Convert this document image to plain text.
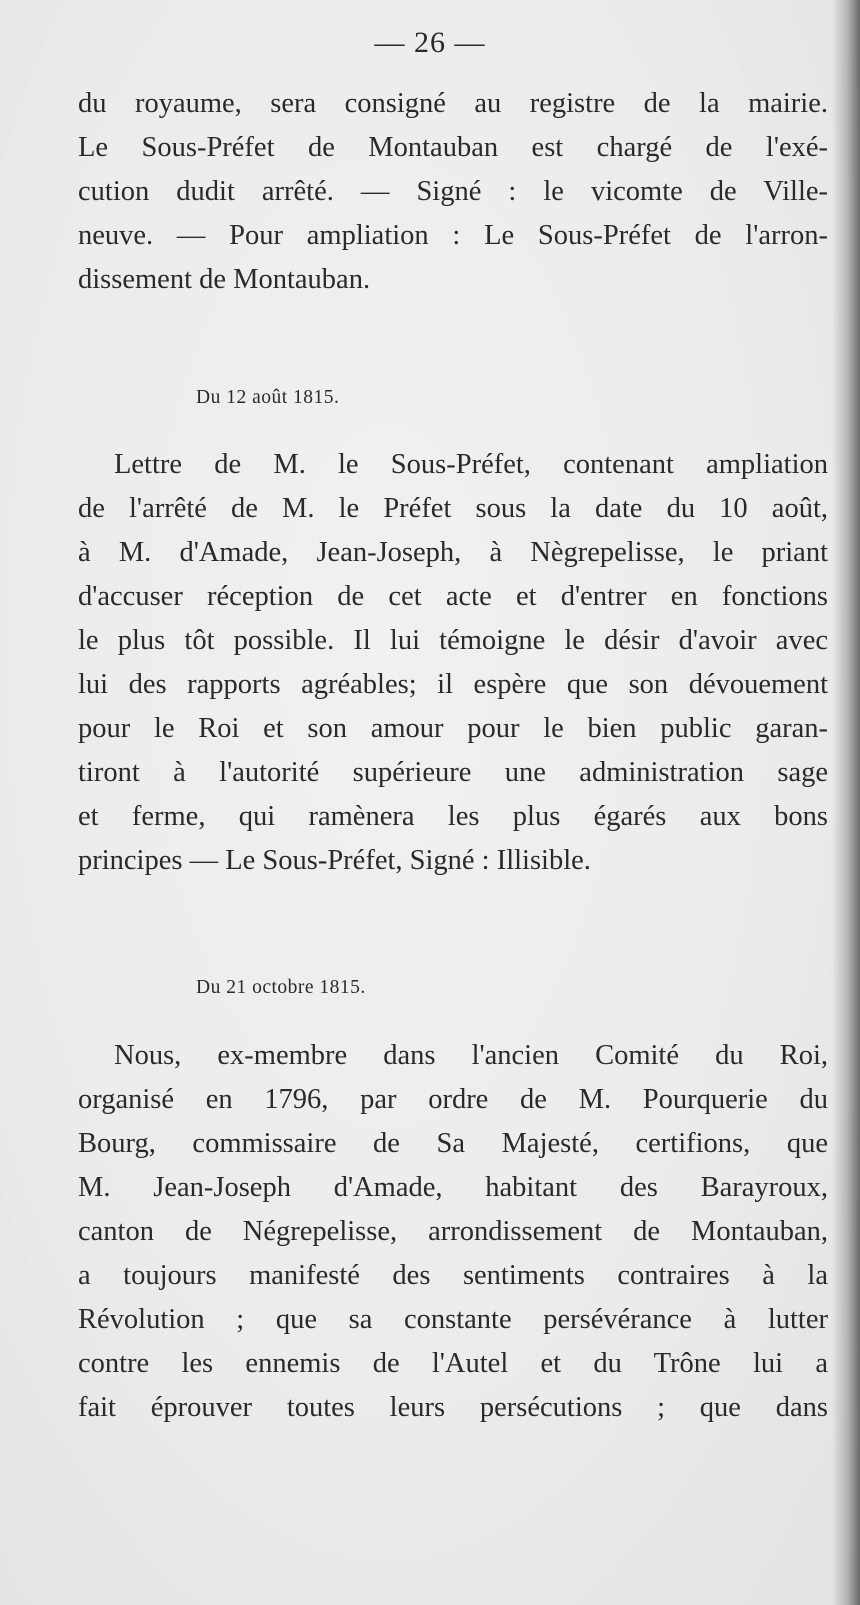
— 26 —
du royaume, sera consigné au registre de la mairie.
Le Sous-Préfet de Montauban est chargé de l'exé-
cution dudit arrêté. — Signé : le vicomte de Ville-
neuve. — Pour ampliation : Le Sous-Préfet de l'arron-
dissement de Montauban.
Du 12 août 1815.
Lettre de M. le Sous-Préfet, contenant ampliation
de l'arrêté de M. le Préfet sous la date du 10 août,
à M. d'Amade, Jean-Joseph, à Nègrepelisse, le priant
d'accuser réception de cet acte et d'entrer en fonctions
le plus tôt possible. Il lui témoigne le désir d'avoir avec
lui des rapports agréables; il espère que son dévouement
pour le Roi et son amour pour le bien public garan-
tiront à l'autorité supérieure une administration sage
et ferme, qui ramènera les plus égarés aux bons
principes — Le Sous-Préfet, Signé : Illisible.
Du 21 octobre 1815.
Nous, ex-membre dans l'ancien Comité du Roi,
organisé en 1796, par ordre de M. Pourquerie du
Bourg, commissaire de Sa Majesté, certifions, que
M. Jean-Joseph d'Amade, habitant des Barayroux,
canton de Négrepelisse, arrondissement de Montauban,
a toujours manifesté des sentiments contraires à la
Révolution ; que sa constante persévérance à lutter
contre les ennemis de l'Autel et du Trône lui a
fait éprouver toutes leurs persécutions ; que dans
